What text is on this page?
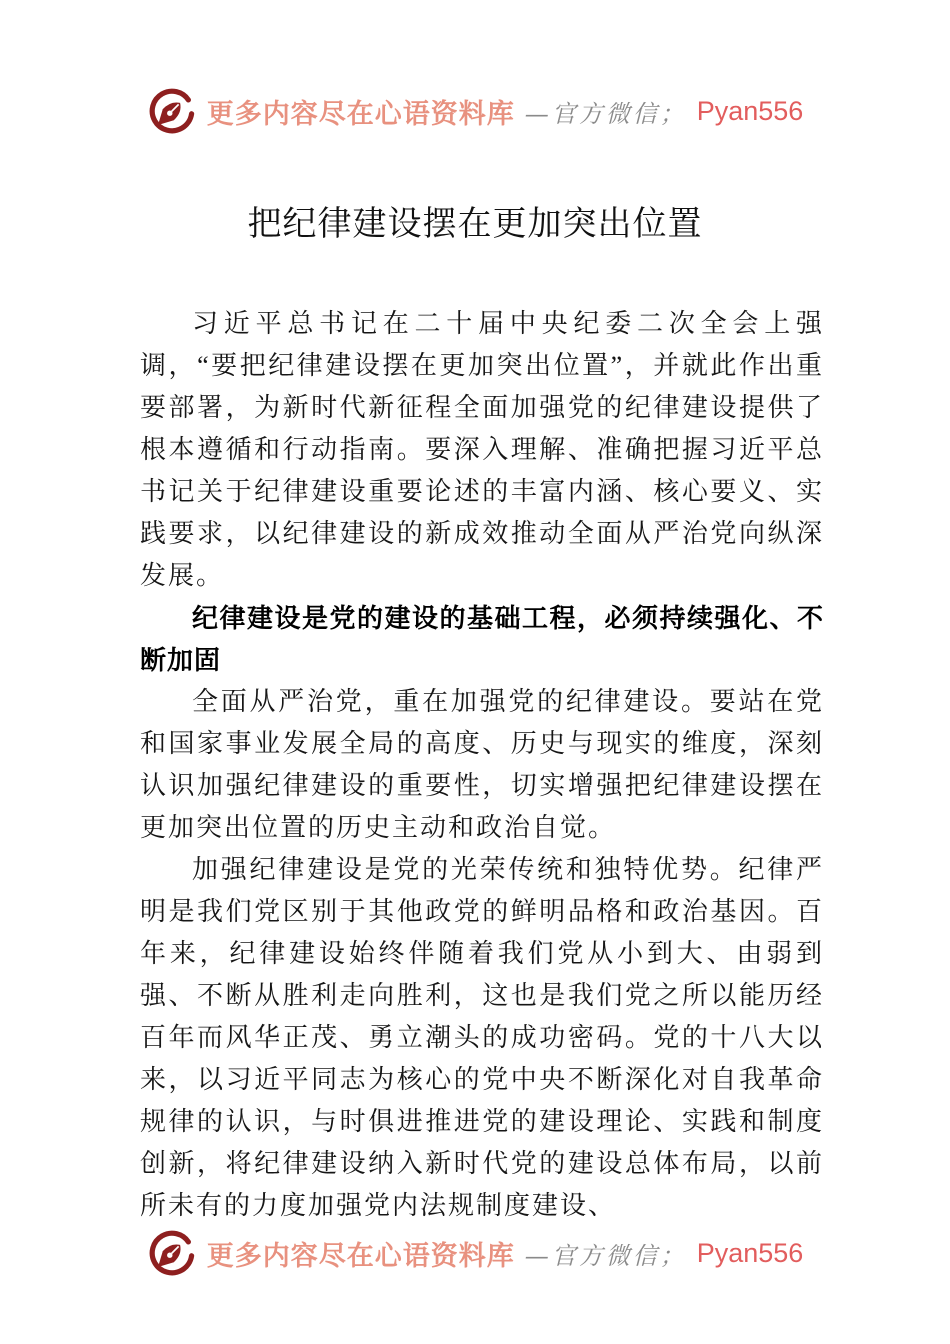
更多内容尽在心语资料库 —官方微信； Pyan556
把纪律建设摆在更加突出位置

习近平总书记在二十届中央纪委二次全会上强调，“要把纪律建设摆在更加突出位置”，并就此作出重要部署，为新时代新征程全面加强党的纪律建设提供了根本遵循和行动指南。要深入理解、准确把握习近平总书记关于纪律建设重要论述的丰富内涵、核心要义、实践要求，以纪律建设的新成效推动全面从严治党向纵深发展。

纪律建设是党的建设的基础工程，必须持续强化、不断加固

全面从严治党，重在加强党的纪律建设。要站在党和国家事业发展全局的高度、历史与现实的维度，深刻认识加强纪律建设的重要性，切实增强把纪律建设摆在更加突出位置的历史主动和政治自觉。

加强纪律建设是党的光荣传统和独特优势。纪律严明是我们党区别于其他政党的鲜明品格和政治基因。百年来，纪律建设始终伴随着我们党从小到大、由弱到强、不断从胜利走向胜利，这也是我们党之所以能历经百年而风华正茂、勇立潮头的成功密码。党的十八大以来，以习近平同志为核心的党中央不断深化对自我革命规律的认识，与时俱进推进党的建设理论、实践和制度创新，将纪律建设纳入新时代党的建设总体布局，以前所未有的力度加强党内法规制度建设、

更多内容尽在心语资料库 —官方微信； Pyan556
